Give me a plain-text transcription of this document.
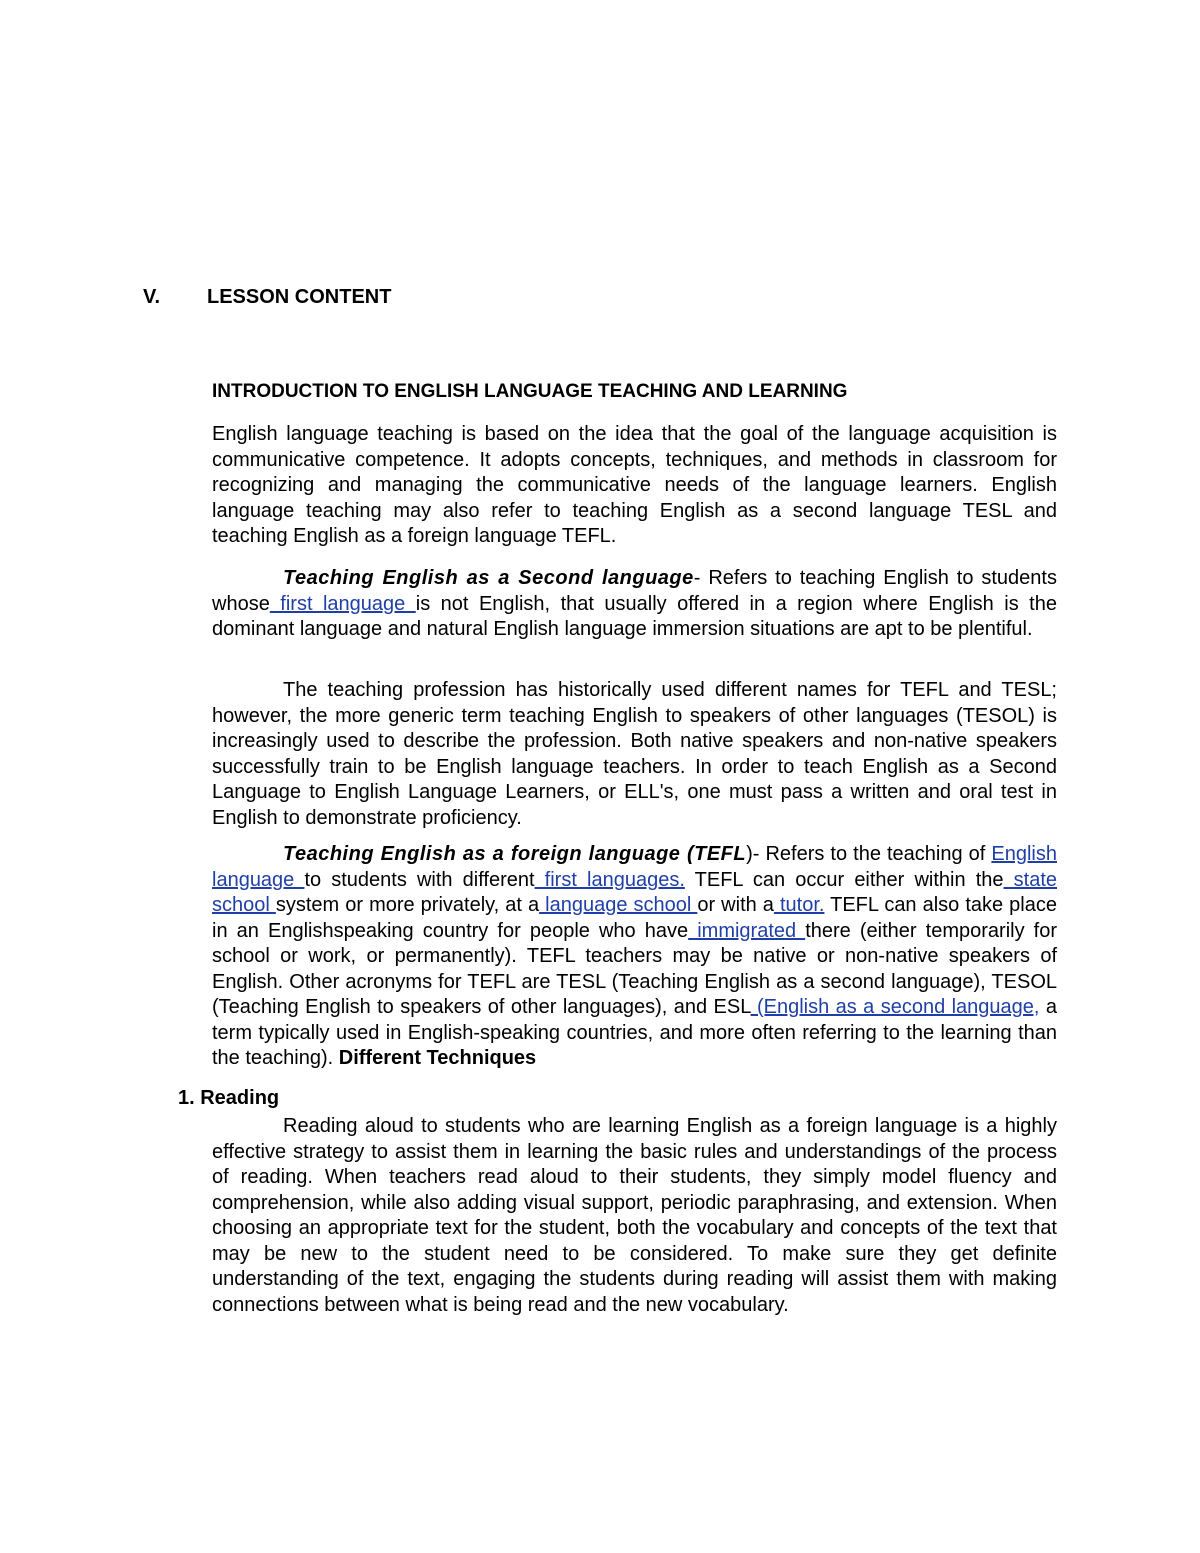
V. LESSON CONTENT
INTRODUCTION TO ENGLISH LANGUAGE TEACHING AND LEARNING

English language teaching is based on the idea that the goal of the language acquisition is communicative competence. It adopts concepts, techniques, and methods in classroom for recognizing and managing the communicative needs of the language learners. English language teaching may also refer to teaching English as a second language TESL and teaching English as a foreign language TEFL.

Teaching English as a Second language- Refers to teaching English to students whose first language is not English, that usually offered in a region where English is the dominant language and natural English language immersion situations are apt to be plentiful.

The teaching profession has historically used different names for TEFL and TESL; however, the more generic term teaching English to speakers of other languages (TESOL) is increasingly used to describe the profession. Both native speakers and non-native speakers successfully train to be English language teachers. In order to teach English as a Second Language to English Language Learners, or ELL's, one must pass a written and oral test in English to demonstrate proficiency.

Teaching English as a foreign language (TEFL)- Refers to the teaching of English language to students with different first languages. TEFL can occur either within the state school system or more privately, at a language school or with a tutor. TEFL can also take place in an Englishspeaking country for people who have immigrated there (either temporarily for school or work, or permanently). TEFL teachers may be native or non-native speakers of English. Other acronyms for TEFL are TESL (Teaching English as a second language), TESOL (Teaching English to speakers of other languages), and ESL (English as a second language, a term typically used in English-speaking countries, and more often referring to the learning than the teaching). Different Techniques

1. Reading

Reading aloud to students who are learning English as a foreign language is a highly effective strategy to assist them in learning the basic rules and understandings of the process of reading. When teachers read aloud to their students, they simply model fluency and comprehension, while also adding visual support, periodic paraphrasing, and extension. When choosing an appropriate text for the student, both the vocabulary and concepts of the text that may be new to the student need to be considered. To make sure they get definite understanding of the text, engaging the students during reading will assist them with making connections between what is being read and the new vocabulary.
